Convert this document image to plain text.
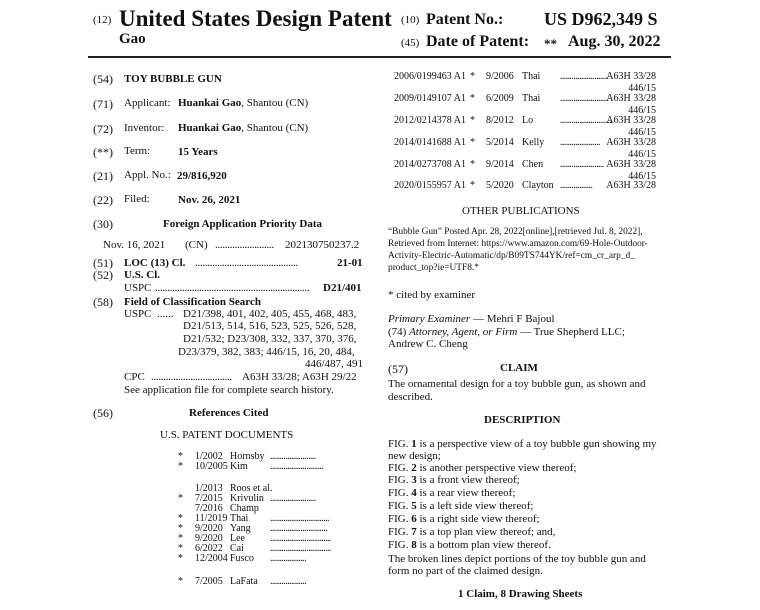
(12) United States Design Patent (10) Patent No.: US D962,349 S
Gao	(45) Date of Patent: ** Aug. 30, 2022
(54) TOY BUBBLE GUN
(71) Applicant: Huankai Gao, Shantou (CN)
(72) Inventor: Huankai Gao, Shantou (CN)
(**) Term:	15 Years
(21) Appl. No.: 29/816,920
(22) Filed:	Nov. 26, 2021
(30)	Foreign Application Priority Data
Nov. 16, 2021 (CN) ........................ 202130750237.2
(51) LOC (13) Cl. ..........................................	21-01
(52) U.S. Cl.
USPC ............................................................... D21/401
(58) Field of Classification Search
USPC ...... D21/398, 401, 402, 405, 455, 468, 483,
D21/513, 514, 516, 523, 525, 526, 528,
D21/532; D23/308, 332, 337, 370, 376,
D23/379, 382, 383; 446/15, 16, 20, 484,
446/487, 491
CPC ................................. A63H 33/28; A63H 29/22
See application file for complete search history.
(56)	References Cited
U.S. PATENT DOCUMENTS
* 1/2002 Hornsby ........................
* 10/2005 Kim ............................
1/2013 Roos et al.
* 7/2015 Krivulin ........................
7/2016 Champ
* 11/2019 Thai ...............................
* 9/2020 Yang ..............................
* 9/2020 Lee	................................
* 6/2022 Cai	................................
* 12/2004 Fusco ...................
* 7/2005 LaFata ...................
2006/0199463 A1 * 9/2006 Thai .........................
A63H 33/28
446/15
2009/0149107 A1 * 6/2009 Thai .........................
A63H 33/28
446/15
2012/0214378 A1 * 8/2012 Lo	...........................
A63H 33/28
446/15
2014/0141688 A1 * 5/2014 Kelly ..................... A63H 33/28
446/15
2014/0273708 A1 * 9/2014 Chen ....................... A63H 33/28
446/15
2020/0155957 A1 * 5/2020 Clayton ................. A63H 33/28
OTHER PUBLICATIONS
“Bubble Gun” Posted Apr. 28, 2022[online],[retrieved Jul. 8, 2022],
Retrieved from Internet: https://www.amazon.com/69-Hole-Outdoor-
Activity-Electric-Automatic/dp/B09TS744YK/ref=cm_cr_arp_d_
product_top?ie=UTF8.*
* cited by examiner
Primary Examiner — Mehri F Bajoul
(74) Attorney, Agent, or Firm — True Shepherd LLC;
Andrew C. Cheng
(57)	CLAIM
The ornamental design for a toy bubble gun, as shown and
described.
DESCRIPTION
FIG. 1 is a perspective view of a toy bubble gun showing my
FIG. 2 is another perspective view thereof;
FIG. 3 is a front view thereof;
FIG. 4 is a rear view thereof;
FIG. 5 is a left side view thereof;
FIG. 6 is a right side view thereof;
FIG. 7 is a top plan view thereof; and,
FIG. 8 is a bottom plan view thereof.
new design;
The broken lines depict portions of the toy bubble gun and
form no part of the claimed design.
1 Claim, 8 Drawing Sheets
